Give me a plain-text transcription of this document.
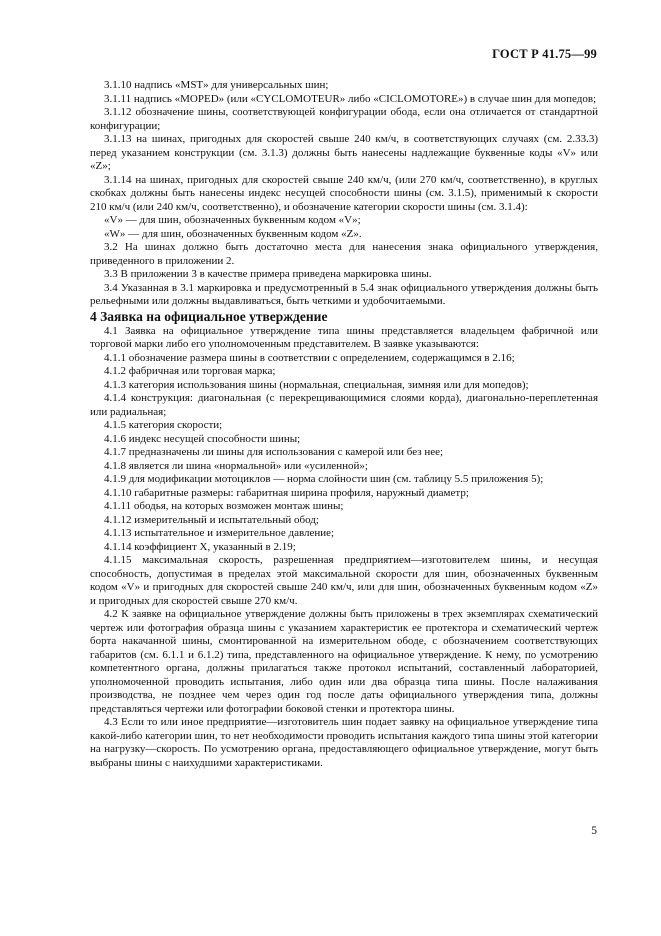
ГОСТ Р 41.75—99

3.1.10 надпись «MST» для универсальных шин;

3.1.11 надпись «MOPED» (или «CYCLOMOTEUR» либо «CICLOMOTORE») в случае шин для мопедов;

3.1.12 обозначение шины, соответствующей конфигурации обода, если она отличается от стандартной конфигурации;

3.1.13 на шинах, пригодных для скоростей свыше 240 км/ч, в соответствующих случаях (см. 2.33.3) перед указанием конструкции (см. 3.1.3) должны быть нанесены надлежащие буквенные коды «V» или «Z»;

3.1.14 на шинах, пригодных для скоростей свыше 240 км/ч, (или 270 км/ч, соответственно), в круглых скобках должны быть нанесены индекс несущей способности шины (см. 3.1.5), применимый к скорости 210 км/ч (или 240 км/ч, соответственно), и обозначение категории скорости шины (см. 3.1.4):

«V» — для шин, обозначенных буквенным кодом «V»;

«W» — для шин, обозначенных буквенным кодом «Z».

3.2 На шинах должно быть достаточно места для нанесения знака официального утверждения, приведенного в приложении 2.

3.3 В приложении 3 в качестве примера приведена маркировка шины.

3.4 Указанная в 3.1 маркировка и предусмотренный в 5.4 знак официального утверждения должны быть рельефными или должны выдавливаться, быть четкими и удобочитаемыми.

4 Заявка на официальное утверждение

4.1 Заявка на официальное утверждение типа шины представляется владельцем фабричной или торговой марки либо его уполномоченным представителем. В заявке указываются:

4.1.1 обозначение размера шины в соответствии с определением, содержащимся в 2.16;

4.1.2 фабричная или торговая марка;

4.1.3 категория использования шины (нормальная, специальная, зимняя или для мопедов);

4.1.4 конструкция: диагональная (с перекрещивающимися слоями корда), диагонально-переплетенная или радиальная;

4.1.5 категория скорости;

4.1.6 индекс несущей способности шины;

4.1.7 предназначены ли шины для использования с камерой или без нее;

4.1.8 является ли шина «нормальной» или «усиленной»;

4.1.9 для модификации мотоциклов — норма слойности шин (см. таблицу 5.5 приложения 5);

4.1.10 габаритные размеры: габаритная ширина профиля, наружный диаметр;

4.1.11 ободья, на которых возможен монтаж шины;

4.1.12 измерительный и испытательный обод;

4.1.13 испытательное и измерительное давление;

4.1.14 коэффициент X, указанный в 2.19;

4.1.15 максимальная скорость, разрешенная предприятием—изготовителем шины, и несущая способность, допустимая в пределах этой максимальной скорости для шин, обозначенных буквенным кодом «V» и пригодных для скоростей свыше 240 км/ч, или для шин, обозначенных буквенным кодом «Z» и пригодных для скоростей свыше 270 км/ч.

4.2 К заявке на официальное утверждение должны быть приложены в трех экземплярах схематический чертеж или фотография образца шины с указанием характеристик ее протектора и схематический чертеж борта накачанной шины, смонтированной на измерительном ободе, с обозначением соответствующих габаритов (см. 6.1.1 и 6.1.2) типа, представленного на официальное утверждение. К нему, по усмотрению компетентного органа, должны прилагаться также протокол испытаний, составленный лабораторией, уполномоченной проводить испытания, либо один или два образца типа шины. После налаживания производства, не позднее чем через один год после даты официального утверждения типа, должны представляться чертежи или фотографии боковой стенки и протектора шины.

4.3 Если то или иное предприятие—изготовитель шин подает заявку на официальное утверждение типа какой-либо категории шин, то нет необходимости проводить испытания каждого типа шины этой категории на нагрузку—скорость. По усмотрению органа, предоставляющего официальное утверждение, могут быть выбраны шины с наихудшими характеристиками.

5
